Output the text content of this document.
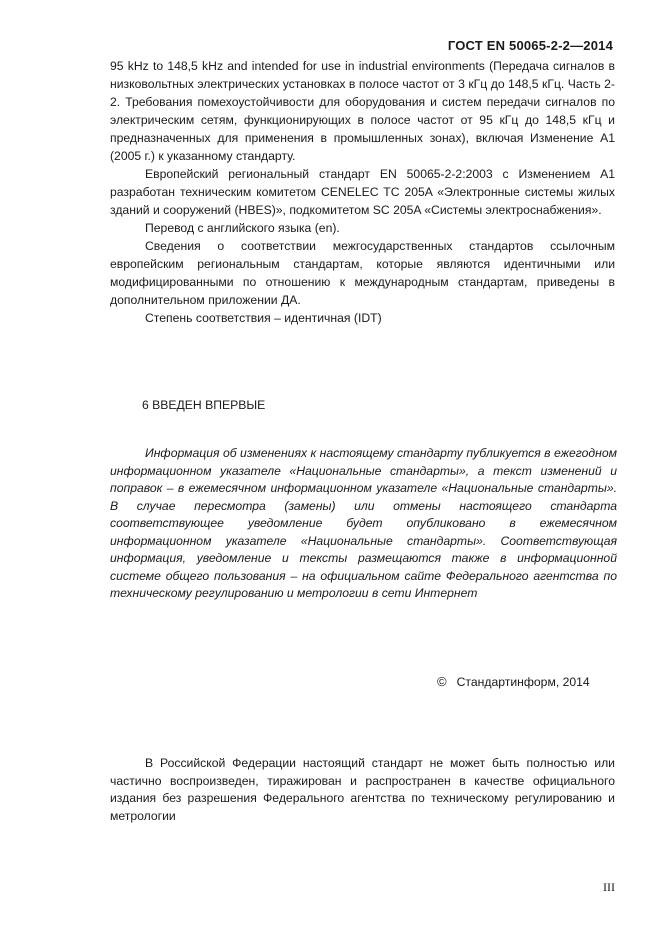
ГОСТ EN 50065-2-2—2014

95 kHz to 148,5 kHz and intended for use in industrial environments (Передача сигналов в низковольтных электрических установках в полосе частот от 3 кГц до 148,5 кГц. Часть 2-2. Требования помехоустойчивости для оборудования и систем передачи сигналов по электрическим сетям, функционирующих в полосе частот от 95 кГц до 148,5 кГц и предназначенных для применения в промышленных зонах), включая Изменение A1 (2005 г.) к указанному стандарту.

Европейский региональный стандарт EN 50065-2-2:2003 с Изменением A1 разработан техническим комитетом CENELEC TC 205A «Электронные системы жилых зданий и сооружений (HBES)», подкомитетом SC 205A «Системы электроснабжения».

Перевод с английского языка (en).

Сведения о соответствии межгосударственных стандартов ссылочным европейским региональным стандартам, которые являются идентичными или модифицированными по отношению к международным стандартам, приведены в дополнительном приложении ДА.

Степень соответствия – идентичная (IDT)

6 ВВЕДЕН ВПЕРВЫЕ

Информация об изменениях к настоящему стандарту публикуется в ежегодном информационном указателе «Национальные стандарты», а текст изменений и поправок – в ежемесячном информационном указателе «Национальные стандарты». В случае пересмотра (замены) или отмены настоящего стандарта соответствующее уведомление будет опубликовано в ежемесячном информационном указателе «Национальные стандарты». Соответствующая информация, уведомление и тексты размещаются также в информационной системе общего пользования – на официальном сайте Федерального агентства по техническому регулированию и метрологии в сети Интернет

© Стандартинформ, 2014

В Российской Федерации настоящий стандарт не может быть полностью или частично воспроизведен, тиражирован и распространен в качестве официального издания без разрешения Федерального агентства по техническому регулированию и метрологии

III
